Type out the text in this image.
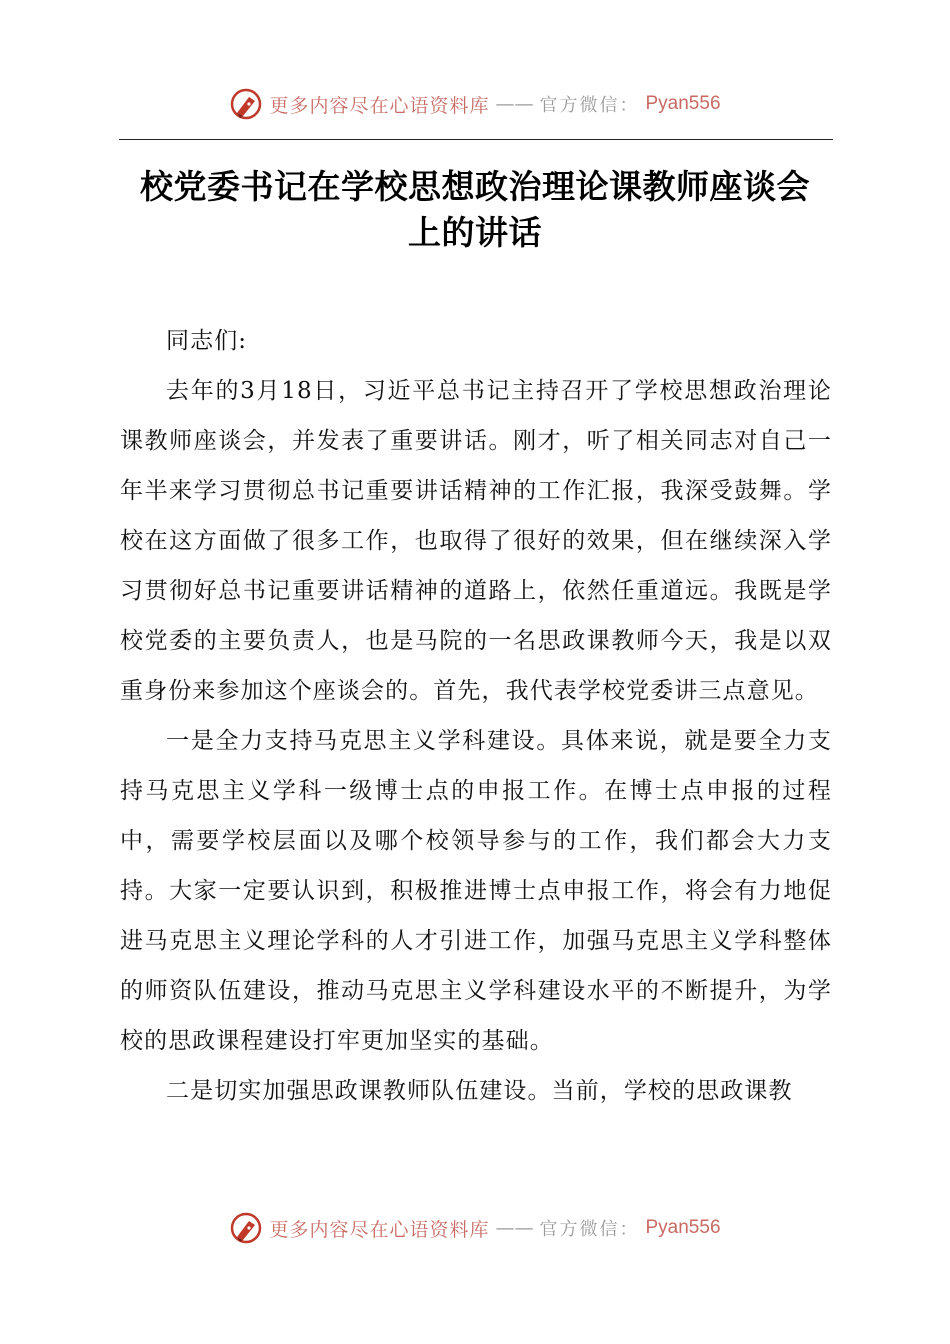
更多内容尽在心语资料库 —— 官方微信： Pyan556
校党委书记在学校思想政治理论课教师座谈会
上的讲话

同志们:

去年的3月18日，习近平总书记主持召开了学校思想政治理论课教师座谈会，并发表了重要讲话。刚才，听了相关同志对自己一年半来学习贯彻总书记重要讲话精神的工作汇报，我深受鼓舞。学校在这方面做了很多工作，也取得了很好的效果，但在继续深入学习贯彻好总书记重要讲话精神的道路上，依然任重道远。我既是学校党委的主要负责人，也是马院的一名思政课教师今天，我是以双重身份来参加这个座谈会的。首先，我代表学校党委讲三点意见。

一是全力支持马克思主义学科建设。具体来说，就是要全力支持马克思主义学科一级博士点的申报工作。在博士点申报的过程中，需要学校层面以及哪个校领导参与的工作，我们都会大力支持。大家一定要认识到，积极推进博士点申报工作，将会有力地促进马克思主义理论学科的人才引进工作，加强马克思主义学科整体的师资队伍建设，推动马克思主义学科建设水平的不断提升，为学校的思政课程建设打牢更加坚实的基础。

二是切实加强思政课教师队伍建设。当前，学校的思政课教

更多内容尽在心语资料库 —— 官方微信： Pyan556
